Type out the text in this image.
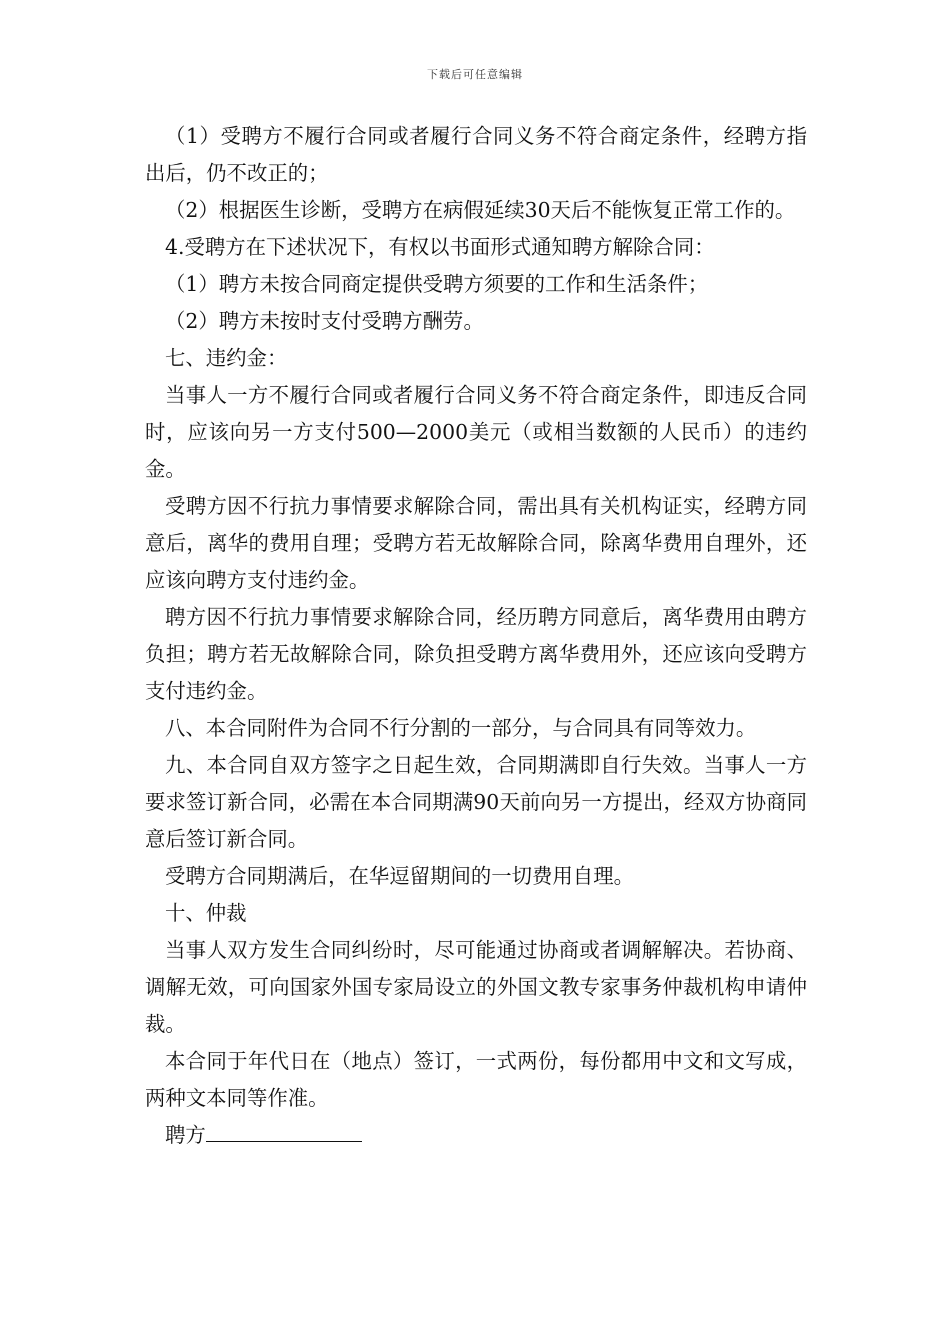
下载后可任意编辑

（1）受聘方不履行合同或者履行合同义务不符合商定条件，经聘方指出后，仍不改正的；

（2）根据医生诊断，受聘方在病假延续30天后不能恢复正常工作的。

4.受聘方在下述状况下，有权以书面形式通知聘方解除合同：

（1）聘方未按合同商定提供受聘方须要的工作和生活条件；

（2）聘方未按时支付受聘方酬劳。

七、违约金：

当事人一方不履行合同或者履行合同义务不符合商定条件，即违反合同时，应该向另一方支付500—2000美元（或相当数额的人民币）的违约金。

受聘方因不行抗力事情要求解除合同，需出具有关机构证实，经聘方同意后，离华的费用自理；受聘方若无故解除合同，除离华费用自理外，还应该向聘方支付违约金。

聘方因不行抗力事情要求解除合同，经历聘方同意后，离华费用由聘方负担；聘方若无故解除合同，除负担受聘方离华费用外，还应该向受聘方支付违约金。

八、本合同附件为合同不行分割的一部分，与合同具有同等效力。

九、本合同自双方签字之日起生效，合同期满即自行失效。当事人一方要求签订新合同，必需在本合同期满90天前向另一方提出，经双方协商同意后签订新合同。

受聘方合同期满后，在华逗留期间的一切费用自理。

十、仲裁

当事人双方发生合同纠纷时，尽可能通过协商或者调解解决。若协商、调解无效，可向国家外国专家局设立的外国文教专家事务仲裁机构申请仲裁。

本合同于年代日在（地点）签订，一式两份，每份都用中文和文写成，两种文本同等作准。

聘方
